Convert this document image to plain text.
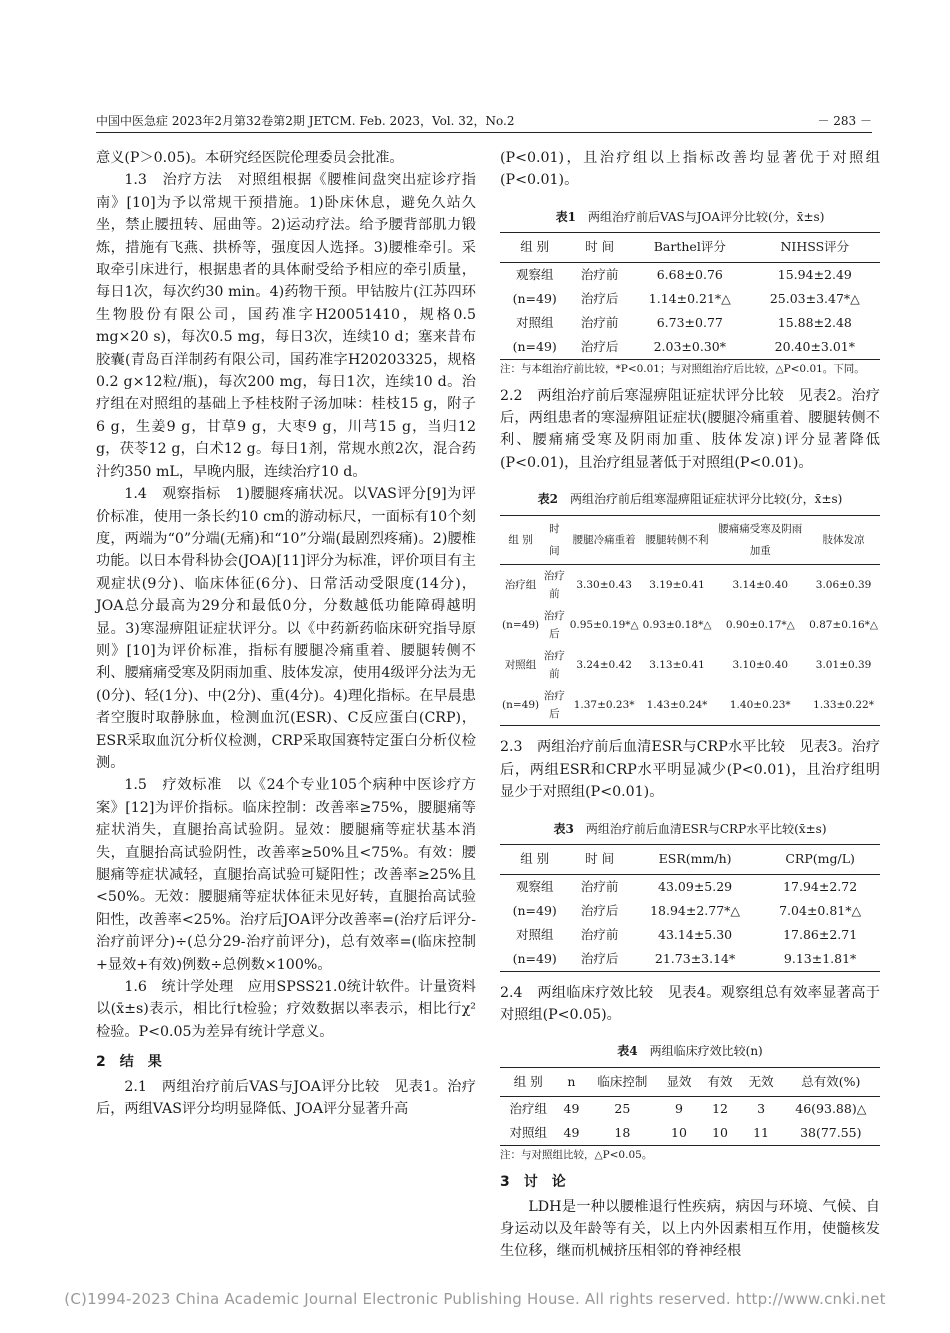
中国中医急症 2023年2月第32卷第2期 JETCM. Feb. 2023，Vol. 32，No.2	－ 283 －

意义(P＞0.05)。本研究经医院伦理委员会批准。

1.3　治疗方法　对照组根据《腰椎间盘突出症诊疗指南》[10]为予以常规干预措施。1)卧床休息，避免久站久坐，禁止腰扭转、屈曲等。2)运动疗法。给予腰背部肌力锻炼，措施有飞燕、拱桥等，强度因人选择。3)腰椎牵引。采取牵引床进行，根据患者的具体耐受给予相应的牵引质量，每日1次，每次约30 min。4)药物干预。甲钴胺片(江苏四环生物股份有限公司，国药准字H20051410，规格0.5 mg×20 s)，每次0.5 mg，每日3次，连续10 d；塞来昔布胶囊(青岛百洋制药有限公司，国药准字H20203325，规格0.2 g×12粒/瓶)，每次200 mg，每日1次，连续10 d。治疗组在对照组的基础上予桂枝附子汤加味：桂枝15 g，附子6 g，生姜9 g，甘草9 g，大枣9 g，川芎15 g，当归12 g，茯苓12 g，白术12 g。每日1剂，常规水煎2次，混合药汁约350 mL，早晚内服，连续治疗10 d。

1.4　观察指标　1)腰腿疼痛状况。以VAS评分[9]为评价标准，使用一条长约10 cm的游动标尺，一面标有10个刻度，两端为“0”分端(无痛)和“10”分端(最剧烈疼痛)。2)腰椎功能。以日本骨科协会(JOA)[11]评分为标准，评价项目有主观症状(9分)、临床体征(6分)、日常活动受限度(14分)，JOA总分最高为29分和最低0分，分数越低功能障碍越明显。3)寒湿痹阻证症状评分。以《中药新药临床研究指导原则》[10]为评价标准，指标有腰腿冷痛重着、腰腿转侧不利、腰痛痛受寒及阴雨加重、肢体发凉，使用4级评分法为无(0分)、轻(1分)、中(2分)、重(4分)。4)理化指标。在早晨患者空腹时取静脉血，检测血沉(ESR)、C反应蛋白(CRP)，ESR采取血沉分析仪检测，CRP采取国赛特定蛋白分析仪检测。

1.5　疗效标准　以《24个专业105个病种中医诊疗方案》[12]为评价指标。临床控制：改善率≥75%，腰腿痛等症状消失，直腿抬高试验阴。显效：腰腿痛等症状基本消失，直腿抬高试验阴性，改善率≥50%且<75%。有效：腰腿痛等症状减轻，直腿抬高试验可疑阳性；改善率≥25%且<50%。无效：腰腿痛等症状体征未见好转，直腿抬高试验阳性，改善率<25%。治疗后JOA评分改善率=(治疗后评分-治疗前评分)÷(总分29-治疗前评分)，总有效率=(临床控制+显效+有效)例数÷总例数×100%。

1.6　统计学处理　应用SPSS21.0统计软件。计量资料以(x̄±s)表示，相比行t检验；疗效数据以率表示，相比行χ²检验。P<0.05为差异有统计学意义。

2　结　果

2.1　两组治疗前后VAS与JOA评分比较　见表1。治疗后，两组VAS评分均明显降低、JOA评分显著升高

(P<0.01)，且治疗组以上指标改善均显著优于对照组(P<0.01)。

表1　 两组治疗前后VAS与JOA评分比较(分，x̄±s)
组 别	时 间	Barthel评分	NIHSS评分
观察组	治疗前	6.68±0.76	15.94±2.49
(n=49)	治疗后	1.14±0.21*△	25.03±3.47*△
对照组	治疗前	6.73±0.77	15.88±2.48
(n=49)	治疗后	2.03±0.30*	20.40±3.01*
注：与本组治疗前比较，*P<0.01；与对照组治疗后比较，△P<0.01。下同。

2.2　两组治疗前后寒湿痹阻证症状评分比较　见表2。治疗后，两组患者的寒湿痹阻证症状(腰腿冷痛重着、腰腿转侧不利、腰痛痛受寒及阴雨加重、肢体发凉)评分显著降低(P<0.01)，且治疗组显著低于对照组(P<0.01)。

表2　 两组治疗前后组寒湿痹阻证症状评分比较(分，x̄±s)
组 别	时 间	腰腿冷痛重着	腰腿转侧不利	腰痛痛受寒及阴雨加重	肢体发凉
治疗组	治疗前	3.30±0.43	3.19±0.41	3.14±0.40	3.06±0.39
(n=49)	治疗后	0.95±0.19*△	0.93±0.18*△	0.90±0.17*△	0.87±0.16*△
对照组	治疗前	3.24±0.42	3.13±0.41	3.10±0.40	3.01±0.39
(n=49)	治疗后	1.37±0.23*	1.43±0.24*	1.40±0.23*	1.33±0.22*

2.3　两组治疗前后血清ESR与CRP水平比较　见表3。治疗后，两组ESR和CRP水平明显减少(P<0.01)，且治疗组明显少于对照组(P<0.01)。

表3　 两组治疗前后血清ESR与CRP水平比较(x̄±s)
组 别	时 间	ESR(mm/h)	CRP(mg/L)
观察组	治疗前	43.09±5.29	17.94±2.72
(n=49)	治疗后	18.94±2.77*△	7.04±0.81*△
对照组	治疗前	43.14±5.30	17.86±2.71
(n=49)	治疗后	21.73±3.14*	9.13±1.81*

2.4　两组临床疗效比较　见表4。观察组总有效率显著高于对照组(P<0.05)。

表4　 两组临床疗效比较(n)
组 别	n	临床控制	显效	有效	无效	总有效(%)
治疗组	49	25	9	12	3	46(93.88)△
对照组	49	18	10	10	11	38(77.55)
注：与对照组比较，△P<0.05。
3　讨　论

LDH是一种以腰椎退行性疾病，病因与环境、气候、自身运动以及年龄等有关，以上内外因素相互作用，使髓核发生位移，继而机械挤压相邻的脊神经根

(C)1994-2023 China Academic Journal Electronic Publishing House. All rights reserved. http://www.cnki.net
